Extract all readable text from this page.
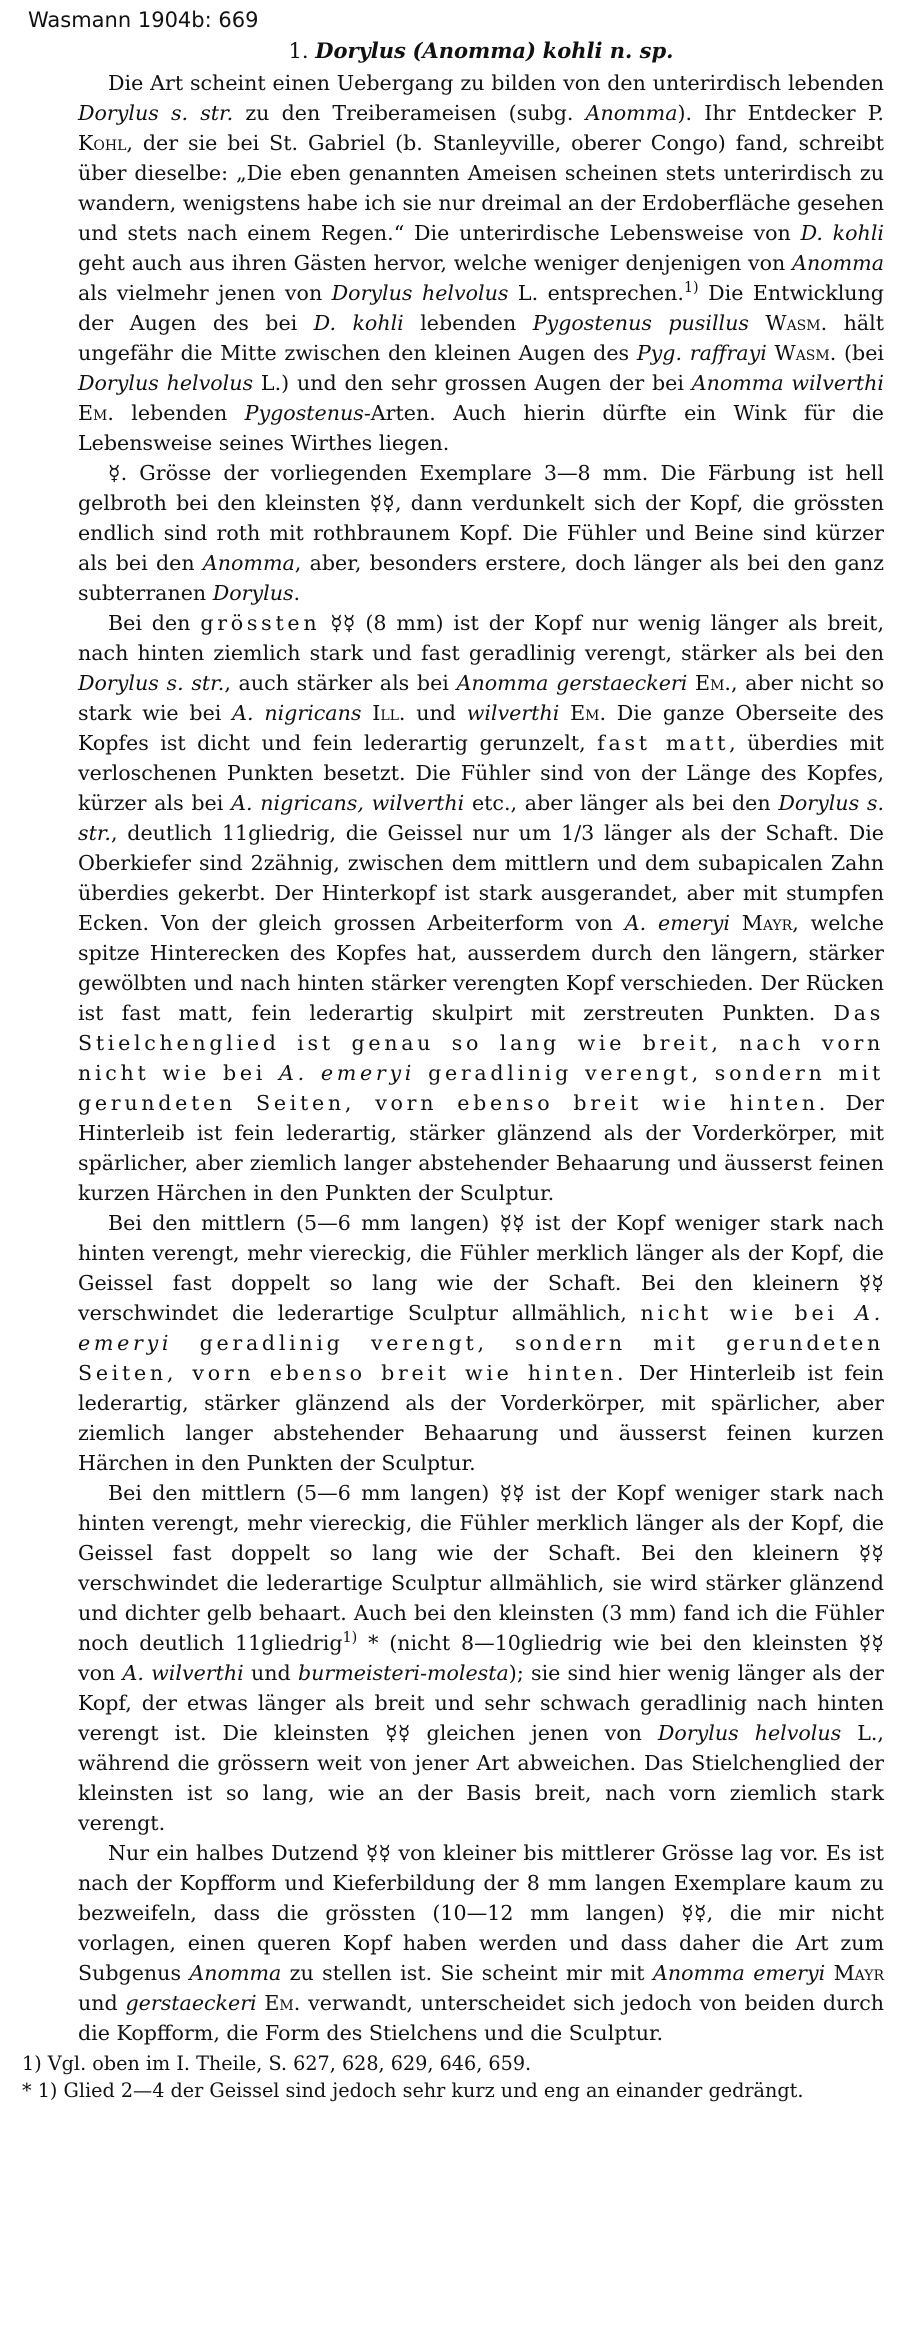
Wasmann 1904b: 669
1. Dorylus (Anomma) kohli n. sp.

Die Art scheint einen Uebergang zu bilden von den unterirdisch lebenden Dorylus s. str. zu den Treiberameisen (subg. Anomma). Ihr Entdecker P. Kohl, der sie bei St. Gabriel (b. Stanleyville, oberer Congo) fand, schreibt über dieselbe: „Die eben genannten Ameisen scheinen stets unterirdisch zu wandern, wenigstens habe ich sie nur dreimal an der Erdoberfläche gesehen und stets nach einem Regen.“ Die unterirdische Lebensweise von D. kohli geht auch aus ihren Gästen hervor, welche weniger denjenigen von Anomma als vielmehr jenen von Dorylus helvolus L. entsprechen.$^{1)}$ Die Entwicklung der Augen des bei D. kohli lebenden Pygostenus pusillus Wasm. hält ungefähr die Mitte zwischen den kleinen Augen des Pyg. raffrayi Wasm. (bei Dorylus helvolus L.) und den sehr grossen Augen der bei Anomma wilverthi Em. lebenden Pygostenus-Arten. Auch hierin dürfte ein Wink für die Lebensweise seines Wirthes liegen.

☿. Grösse der vorliegenden Exemplare 3—8 mm. Die Färbung ist hell gelbroth bei den kleinsten ☿☿, dann verdunkelt sich der Kopf, die grössten endlich sind roth mit rothbraunem Kopf. Die Fühler und Beine sind kürzer als bei den Anomma, aber, besonders erstere, doch länger als bei den ganz subterranen Dorylus.

Bei den grössten ☿☿ (8 mm) ist der Kopf nur wenig länger als breit, nach hinten ziemlich stark und fast geradlinig verengt, stärker als bei den Dorylus s. str., auch stärker als bei Anomma gerstaeckeri Em., aber nicht so stark wie bei A. nigricans Ill. und wilverthi Em. Die ganze Oberseite des Kopfes ist dicht und fein lederartig gerunzelt, fast matt, überdies mit verloschenen Punkten besetzt. Die Fühler sind von der Länge des Kopfes, kürzer als bei A. nigricans, wilverthi etc., aber länger als bei den Dorylus s. str., deutlich 11gliedrig, die Geissel nur um 1/3 länger als der Schaft. Die Oberkiefer sind 2zähnig, zwischen dem mittlern und dem subapicalen Zahn überdies gekerbt. Der Hinterkopf ist stark ausgerandet, aber mit stumpfen Ecken. Von der gleich grossen Arbeiterform von A. emeryi Mayr, welche spitze Hinterecken des Kopfes hat, ausserdem durch den längern, stärker gewölbten und nach hinten stärker verengten Kopf verschieden. Der Rücken ist fast matt, fein lederartig skulpirt mit zerstreuten Punkten. Das Stielchenglied ist genau so lang wie breit, nach vorn nicht wie bei A. emeryi geradlinig verengt, sondern mit gerundeten Seiten, vorn ebenso breit wie hinten. Der Hinterleib ist fein lederartig, stärker glänzend als der Vorderkörper, mit spärlicher, aber ziemlich langer abstehender Behaarung und äusserst feinen kurzen Härchen in den Punkten der Sculptur.

Bei den mittlern (5—6 mm langen) ☿☿ ist der Kopf weniger stark nach hinten verengt, mehr viereckig, die Fühler merklich länger als der Kopf, die Geissel fast doppelt so lang wie der Schaft. Bei den kleinern ☿☿ verschwindet die lederartige Sculptur allmählich, nicht wie bei A. emeryi geradlinig verengt, sondern mit gerundeten Seiten, vorn ebenso breit wie hinten. Der Hinterleib ist fein lederartig, stärker glänzend als der Vorderkörper, mit spärlicher, aber ziemlich langer abstehender Behaarung und äusserst feinen kurzen Härchen in den Punkten der Sculptur.

Bei den mittlern (5—6 mm langen) ☿☿ ist der Kopf weniger stark nach hinten verengt, mehr viereckig, die Fühler merklich länger als der Kopf, die Geissel fast doppelt so lang wie der Schaft. Bei den kleinern ☿☿ verschwindet die lederartige Sculptur allmählich, sie wird stärker glänzend und dichter gelb behaart. Auch bei den kleinsten (3 mm) fand ich die Fühler noch deutlich 11gliedrig$^{1)}$ * (nicht 8—10gliedrig wie bei den kleinsten ☿☿ von A. wilverthi und burmeisteri-molesta); sie sind hier wenig länger als der Kopf, der etwas länger als breit und sehr schwach geradlinig nach hinten verengt ist. Die kleinsten ☿☿ gleichen jenen von Dorylus helvolus L., während die grössern weit von jener Art abweichen. Das Stielchenglied der kleinsten ist so lang, wie an der Basis breit, nach vorn ziemlich stark verengt.

Nur ein halbes Dutzend ☿☿ von kleiner bis mittlerer Grösse lag vor. Es ist nach der Kopfform und Kieferbildung der 8 mm langen Exemplare kaum zu bezweifeln, dass die grössten (10—12 mm langen) ☿☿, die mir nicht vorlagen, einen queren Kopf haben werden und dass daher die Art zum Subgenus Anomma zu stellen ist. Sie scheint mir mit Anomma emeryi Mayr und gerstaeckeri Em. verwandt, unterscheidet sich jedoch von beiden durch die Kopfform, die Form des Stielchens und die Sculptur.

1) Vgl. oben im I. Theile, S. 627, 628, 629, 646, 659.

* 1) Glied 2—4 der Geissel sind jedoch sehr kurz und eng an einander gedrängt.
